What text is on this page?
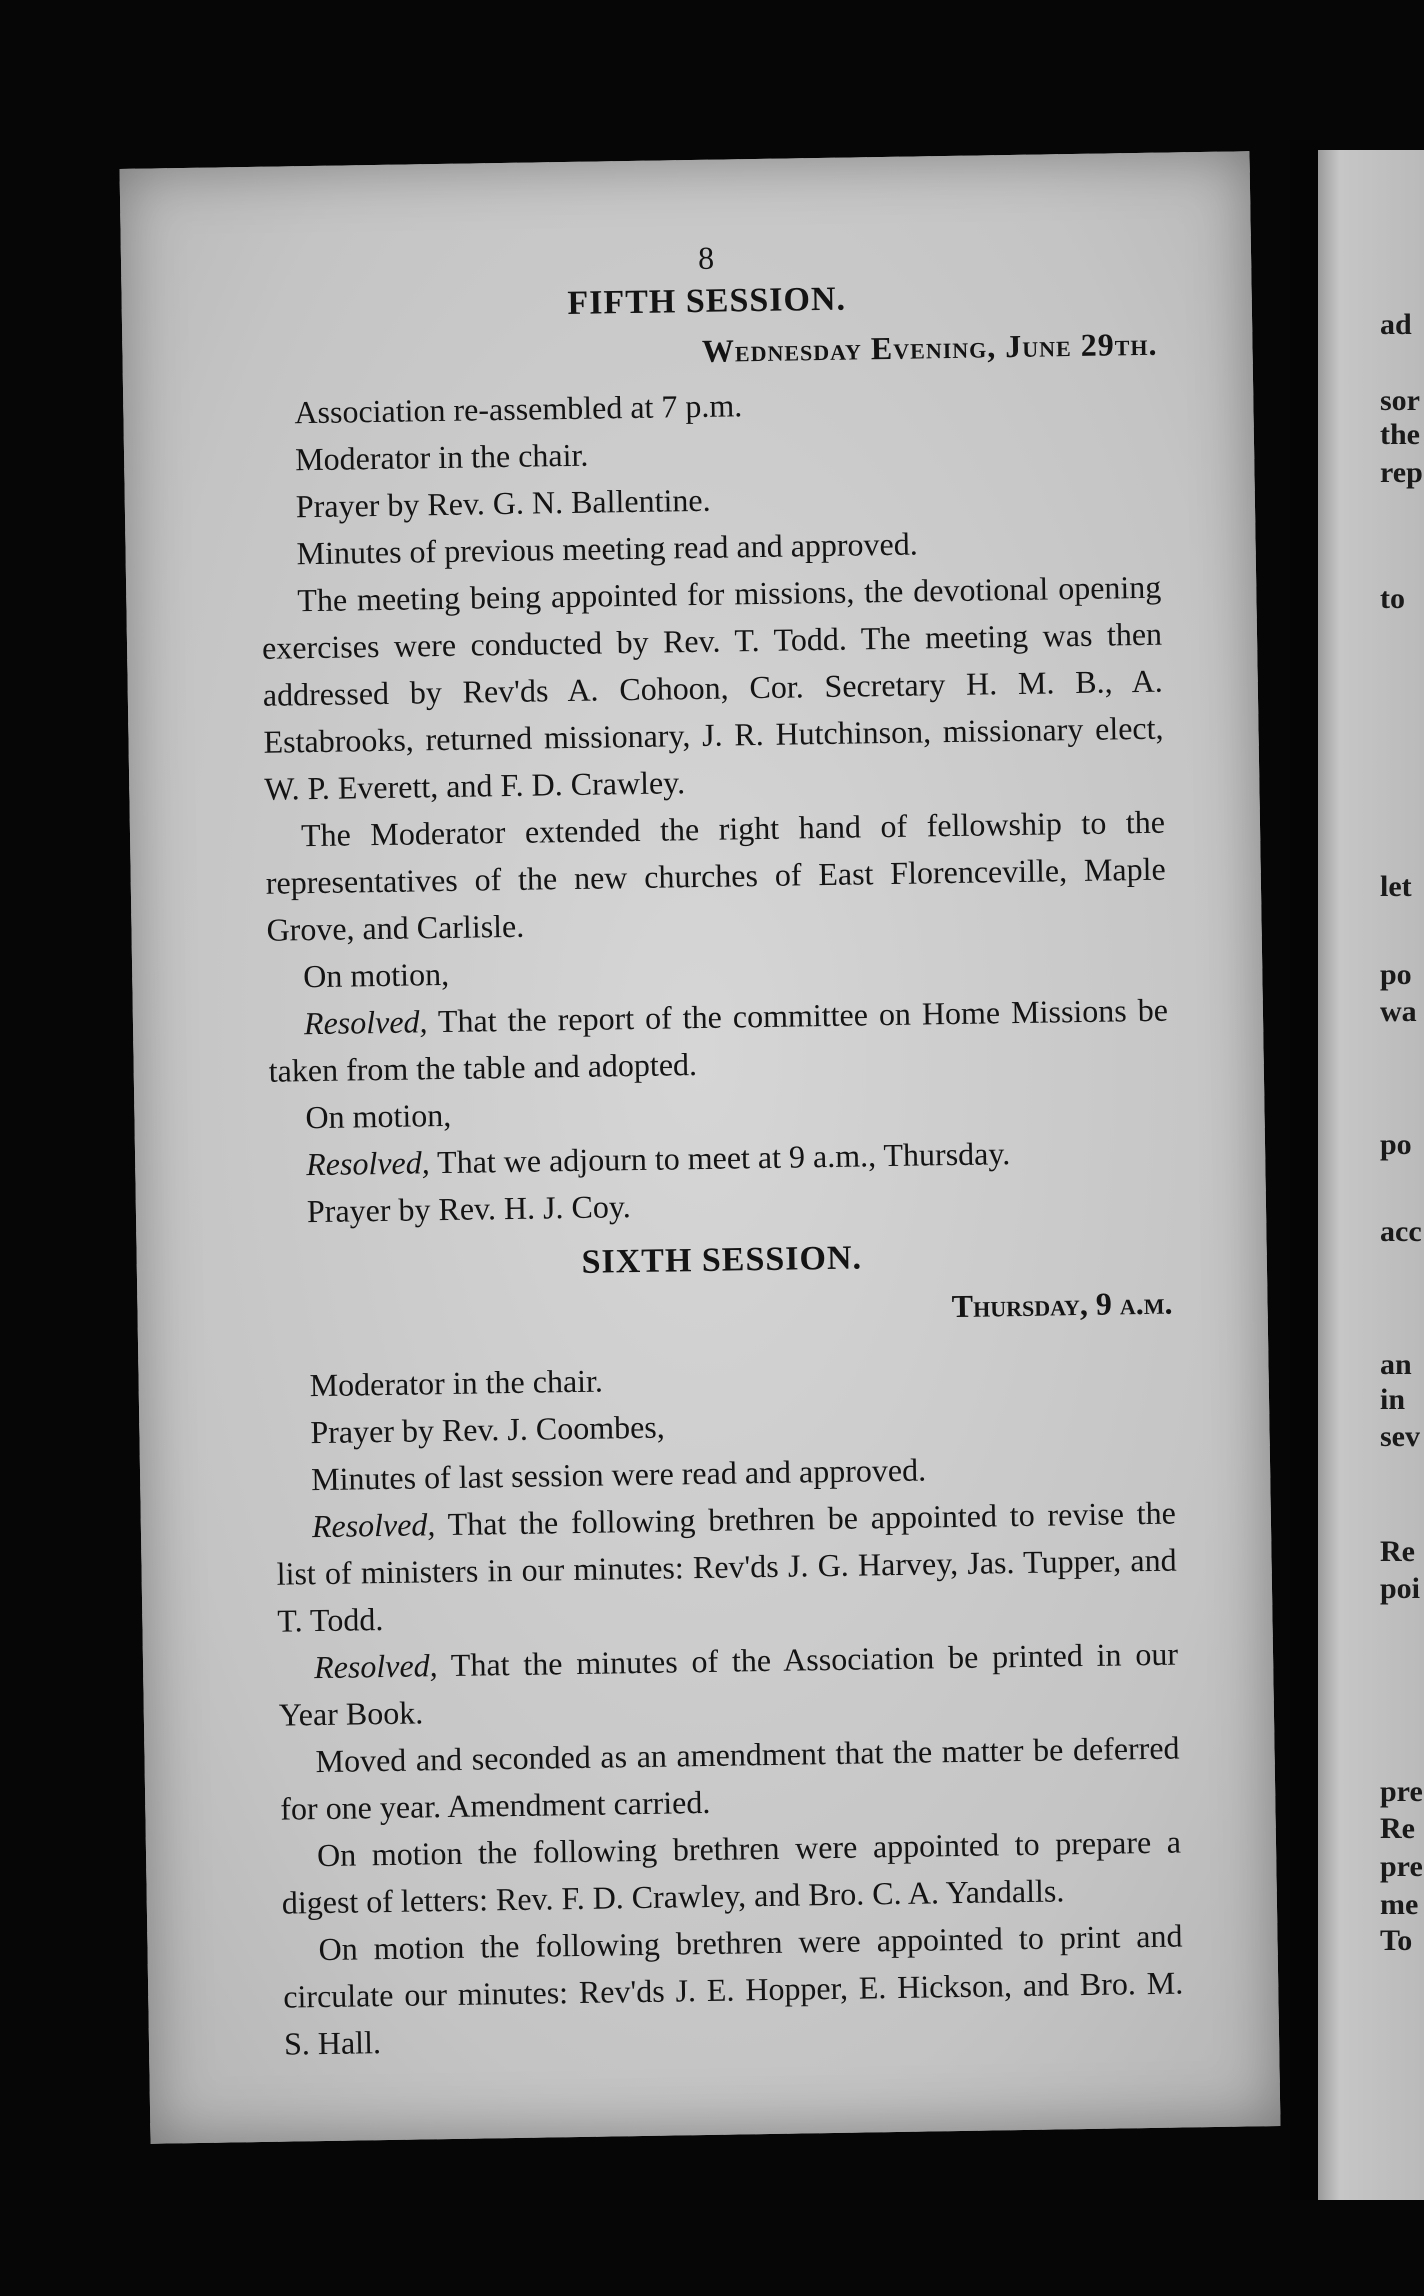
ad
sor
the
rep
to
let
po
wa
po
acc
an
in
sev
Re
poi
pre
Re
pre
me
To

8

FIFTH SESSION.

Wednesday Evening, June 29th.

Association re-assembled at 7 p.m.

Moderator in the chair.

Prayer by Rev. G. N. Ballentine.

Minutes of previous meeting read and approved.

The meeting being appointed for missions, the devotional opening exercises were conducted by Rev. T. Todd. The meeting was then addressed by Rev'ds A. Cohoon, Cor. Secretary H. M. B., A. Estabrooks, returned missionary, J. R. Hutchinson, missionary elect, W. P. Everett, and F. D. Crawley.

The Moderator extended the right hand of fellowship to the representatives of the new churches of East Florenceville, Maple Grove, and Carlisle.

On motion,

Resolved, That the report of the committee on Home Missions be taken from the table and adopted.

On motion,

Resolved, That we adjourn to meet at 9 a.m., Thursday.

Prayer by Rev. H. J. Coy.

SIXTH SESSION.

Thursday, 9 a.m.

Moderator in the chair.

Prayer by Rev. J. Coombes,

Minutes of last session were read and approved.

Resolved, That the following brethren be appointed to revise the list of ministers in our minutes: Rev'ds J. G. Harvey, Jas. Tupper, and T. Todd.

Resolved, That the minutes of the Association be printed in our Year Book.

Moved and seconded as an amendment that the matter be deferred for one year. Amendment carried.

On motion the following brethren were appointed to prepare a digest of letters: Rev. F. D. Crawley, and Bro. C. A. Yandalls.

On motion the following brethren were appointed to print and circulate our minutes: Rev'ds J. E. Hopper, E. Hickson, and Bro. M. S. Hall.
